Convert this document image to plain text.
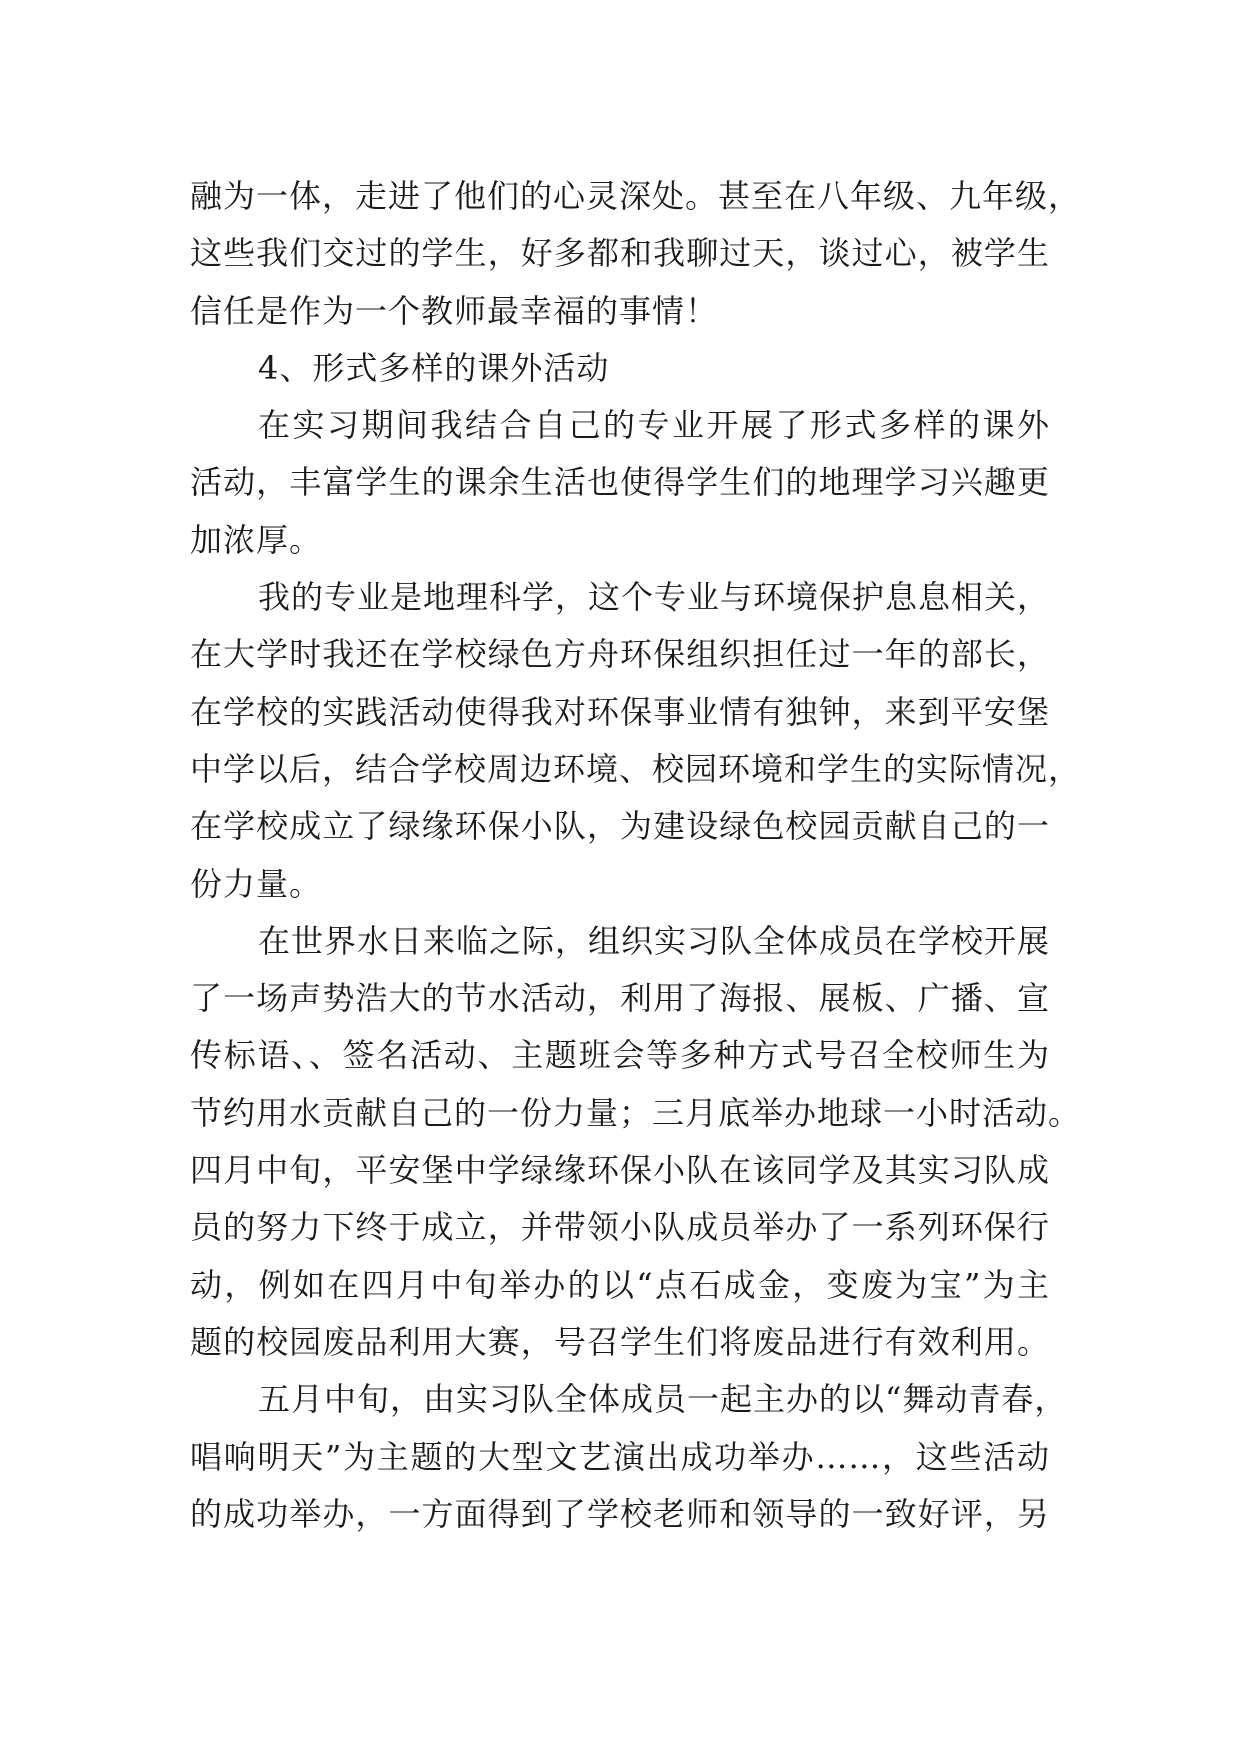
融为一体，走进了他们的心灵深处。甚至在八年级、九年级，
这些我们交过的学生，好多都和我聊过天，谈过心，被学生
信任是作为一个教师最幸福的事情！
4、形式多样的课外活动
在实习期间我结合自己的专业开展了形式多样的课外
活动，丰富学生的课余生活也使得学生们的地理学习兴趣更
加浓厚。
我的专业是地理科学，这个专业与环境保护息息相关，
在大学时我还在学校绿色方舟环保组织担任过一年的部长，
在学校的实践活动使得我对环保事业情有独钟，来到平安堡
中学以后，结合学校周边环境、校园环境和学生的实际情况，
在学校成立了绿缘环保小队，为建设绿色校园贡献自己的一
份力量。
在世界水日来临之际，组织实习队全体成员在学校开展
了一场声势浩大的节水活动，利用了海报、展板、广播、宣
传标语、、签名活动、主题班会等多种方式号召全校师生为
节约用水贡献自己的一份力量；三月底举办地球一小时活动。
四月中旬，平安堡中学绿缘环保小队在该同学及其实习队成
员的努力下终于成立，并带领小队成员举办了一系列环保行
动，例如在四月中旬举办的以“点石成金，变废为宝”为主
题的校园废品利用大赛，号召学生们将废品进行有效利用。
五月中旬，由实习队全体成员一起主办的以“舞动青春，
唱响明天”为主题的大型文艺演出成功举办……，这些活动
的成功举办，一方面得到了学校老师和领导的一致好评，另
